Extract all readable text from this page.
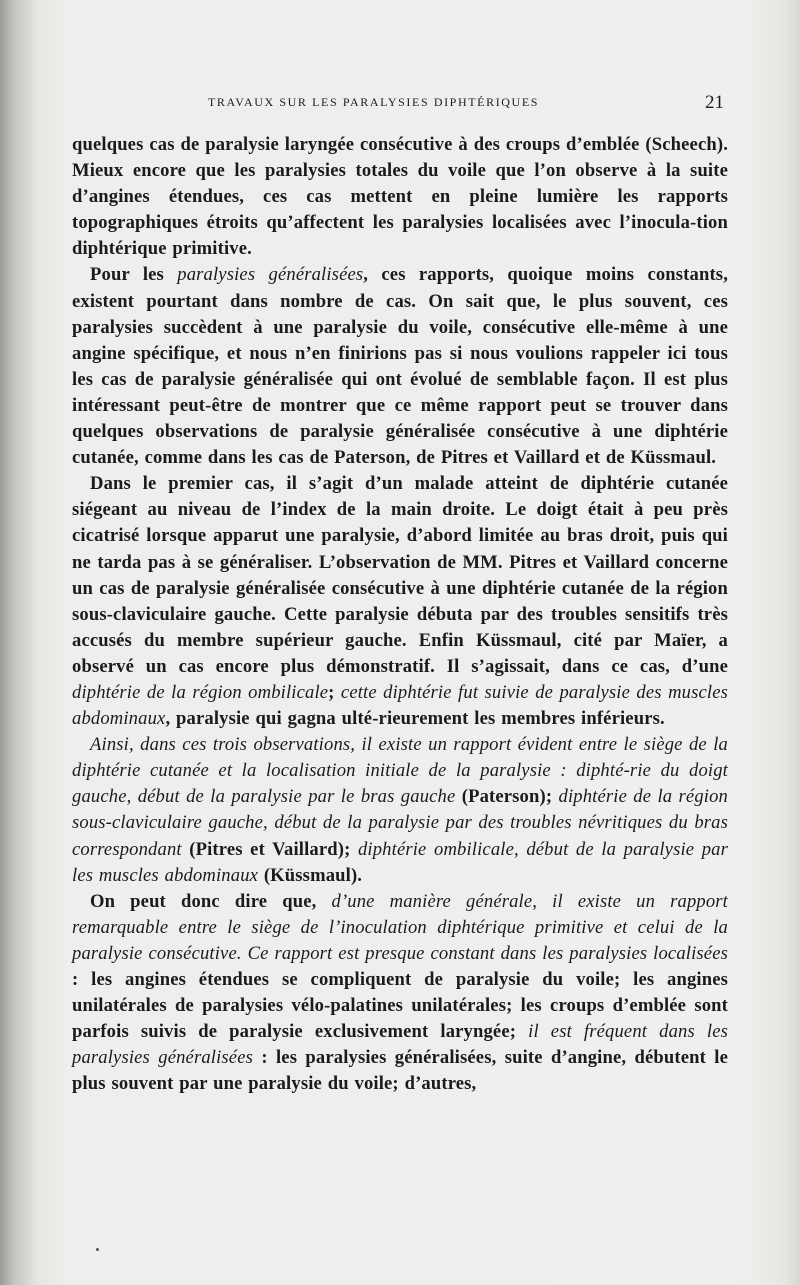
TRAVAUX SUR LES PARALYSIES DIPHTÉRIQUES	21

quelques cas de paralysie laryngée consécutive à des croups d’emblée (Scheech). Mieux encore que les paralysies totales du voile que l’on observe à la suite d’angines étendues, ces cas mettent en pleine lumière les rapports topographiques étroits qu’affectent les paralysies localisées avec l’inocula-tion diphtérique primitive.

Pour les paralysies généralisées, ces rapports, quoique moins constants, existent pourtant dans nombre de cas. On sait que, le plus souvent, ces paralysies succèdent à une paralysie du voile, consécutive elle-même à une angine spécifique, et nous n’en finirions pas si nous voulions rappeler ici tous les cas de paralysie généralisée qui ont évolué de semblable façon. Il est plus intéressant peut-être de montrer que ce même rapport peut se trouver dans quelques observations de paralysie généralisée consécutive à une diphtérie cutanée, comme dans les cas de Paterson, de Pitres et Vaillard et de Küssmaul.

Dans le premier cas, il s’agit d’un malade atteint de diphtérie cutanée siégeant au niveau de l’index de la main droite. Le doigt était à peu près cicatrisé lorsque apparut une paralysie, d’abord limitée au bras droit, puis qui ne tarda pas à se généraliser. L’observation de MM. Pitres et Vaillard concerne un cas de paralysie généralisée consécutive à une diphtérie cutanée de la région sous-claviculaire gauche. Cette paralysie débuta par des troubles sensitifs très accusés du membre supérieur gauche. Enfin Küssmaul, cité par Maïer, a observé un cas encore plus démonstratif. Il s’agissait, dans ce cas, d’une diphtérie de la région ombilicale; cette diphtérie fut suivie de paralysie des muscles abdominaux, paralysie qui gagna ulté-rieurement les membres inférieurs.

Ainsi, dans ces trois observations, il existe un rapport évident entre le siège de la diphtérie cutanée et la localisation initiale de la paralysie : diphté-rie du doigt gauche, début de la paralysie par le bras gauche (Paterson); diphtérie de la région sous-claviculaire gauche, début de la paralysie par des troubles névritiques du bras correspondant (Pitres et Vaillard); diphtérie ombilicale, début de la paralysie par les muscles abdominaux (Küssmaul).

On peut donc dire que, d’une manière générale, il existe un rapport remarquable entre le siège de l’inoculation diphtérique primitive et celui de la paralysie consécutive. Ce rapport est presque constant dans les paralysies localisées : les angines étendues se compliquent de paralysie du voile; les angines unilatérales de paralysies vélo-palatines unilatérales; les croups d’emblée sont parfois suivis de paralysie exclusivement laryngée; il est fréquent dans les paralysies généralisées : les paralysies généralisées, suite d’angine, débutent le plus souvent par une paralysie du voile; d’autres,
